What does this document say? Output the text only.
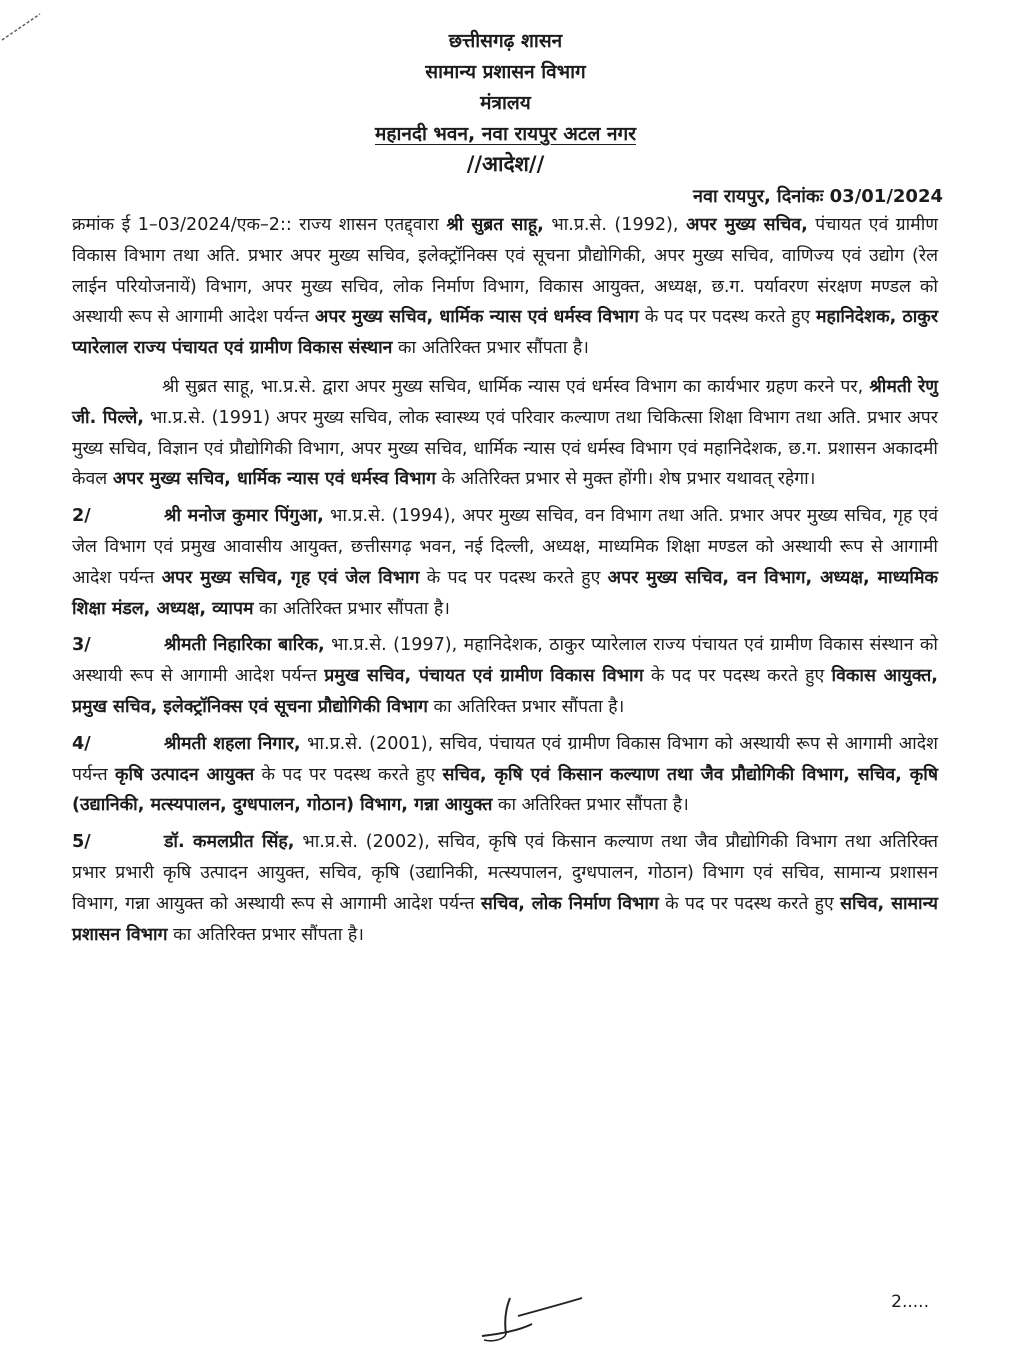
छत्तीसगढ़ शासन
सामान्य प्रशासन विभाग
मंत्रालय
महानदी भवन, नवा रायपुर अटल नगर
//आदेश//
नवा रायपुर, दिनांकः 03/01/2024

क्रमांक ई 1–03/2024/एक–2:: राज्य शासन एतद्द्वारा श्री सुब्रत साहू, भा.प्र.से. (1992), अपर मुख्य सचिव, पंचायत एवं ग्रामीण विकास विभाग तथा अति. प्रभार अपर मुख्य सचिव, इलेक्ट्रॉनिक्स एवं सूचना प्रौद्योगिकी, अपर मुख्य सचिव, वाणिज्य एवं उद्योग (रेल लाईन परियोजनायें) विभाग, अपर मुख्य सचिव, लोक निर्माण विभाग, विकास आयुक्त, अध्यक्ष, छ.ग. पर्यावरण संरक्षण मण्डल को अस्थायी रूप से आगामी आदेश पर्यन्त अपर मुख्य सचिव, धार्मिक न्यास एवं धर्मस्व विभाग के पद पर पदस्थ करते हुए महानिदेशक, ठाकुर प्यारेलाल राज्य पंचायत एवं ग्रामीण विकास संस्थान का अतिरिक्त प्रभार सौंपता है।

श्री सुब्रत साहू, भा.प्र.से. द्वारा अपर मुख्य सचिव, धार्मिक न्यास एवं धर्मस्व विभाग का कार्यभार ग्रहण करने पर, श्रीमती रेणु जी. पिल्ले, भा.प्र.से. (1991) अपर मुख्य सचिव, लोक स्वास्थ्य एवं परिवार कल्याण तथा चिकित्सा शिक्षा विभाग तथा अति. प्रभार अपर मुख्य सचिव, विज्ञान एवं प्रौद्योगिकी विभाग, अपर मुख्य सचिव, धार्मिक न्यास एवं धर्मस्व विभाग एवं महानिदेशक, छ.ग. प्रशासन अकादमी केवल अपर मुख्य सचिव, धार्मिक न्यास एवं धर्मस्व विभाग के अतिरिक्त प्रभार से मुक्त होंगी। शेष प्रभार यथावत् रहेगा।

2/	श्री मनोज कुमार पिंगुआ, भा.प्र.से. (1994), अपर मुख्य सचिव, वन विभाग तथा अति. प्रभार अपर मुख्य सचिव, गृह एवं जेल विभाग एवं प्रमुख आवासीय आयुक्त, छत्तीसगढ़ भवन, नई दिल्ली, अध्यक्ष, माध्यमिक शिक्षा मण्डल को अस्थायी रूप से आगामी आदेश पर्यन्त अपर मुख्य सचिव, गृह एवं जेल विभाग के पद पर पदस्थ करते हुए अपर मुख्य सचिव, वन विभाग, अध्यक्ष, माध्यमिक शिक्षा मंडल, अध्यक्ष, व्यापम का अतिरिक्त प्रभार सौंपता है।

3/	श्रीमती निहारिका बारिक, भा.प्र.से. (1997), महानिदेशक, ठाकुर प्यारेलाल राज्य पंचायत एवं ग्रामीण विकास संस्थान को अस्थायी रूप से आगामी आदेश पर्यन्त प्रमुख सचिव, पंचायत एवं ग्रामीण विकास विभाग के पद पर पदस्थ करते हुए विकास आयुक्त, प्रमुख सचिव, इलेक्ट्रॉनिक्स एवं सूचना प्रौद्योगिकी विभाग का अतिरिक्त प्रभार सौंपता है।

4/	श्रीमती शहला निगार, भा.प्र.से. (2001), सचिव, पंचायत एवं ग्रामीण विकास विभाग को अस्थायी रूप से आगामी आदेश पर्यन्त कृषि उत्पादन आयुक्त के पद पर पदस्थ करते हुए सचिव, कृषि एवं किसान कल्याण तथा जैव प्रौद्योगिकी विभाग, सचिव, कृषि (उद्यानिकी, मत्स्यपालन, दुग्धपालन, गोठान) विभाग, गन्ना आयुक्त का अतिरिक्त प्रभार सौंपता है।

5/	डॉ. कमलप्रीत सिंह, भा.प्र.से. (2002), सचिव, कृषि एवं किसान कल्याण तथा जैव प्रौद्योगिकी विभाग तथा अतिरिक्त प्रभार प्रभारी कृषि उत्पादन आयुक्त, सचिव, कृषि (उद्यानिकी, मत्स्यपालन, दुग्धपालन, गोठान) विभाग एवं सचिव, सामान्य प्रशासन विभाग, गन्ना आयुक्त को अस्थायी रूप से आगामी आदेश पर्यन्त सचिव, लोक निर्माण विभाग के पद पर पदस्थ करते हुए सचिव, सामान्य प्रशासन विभाग का अतिरिक्त प्रभार सौंपता है।

2.....
